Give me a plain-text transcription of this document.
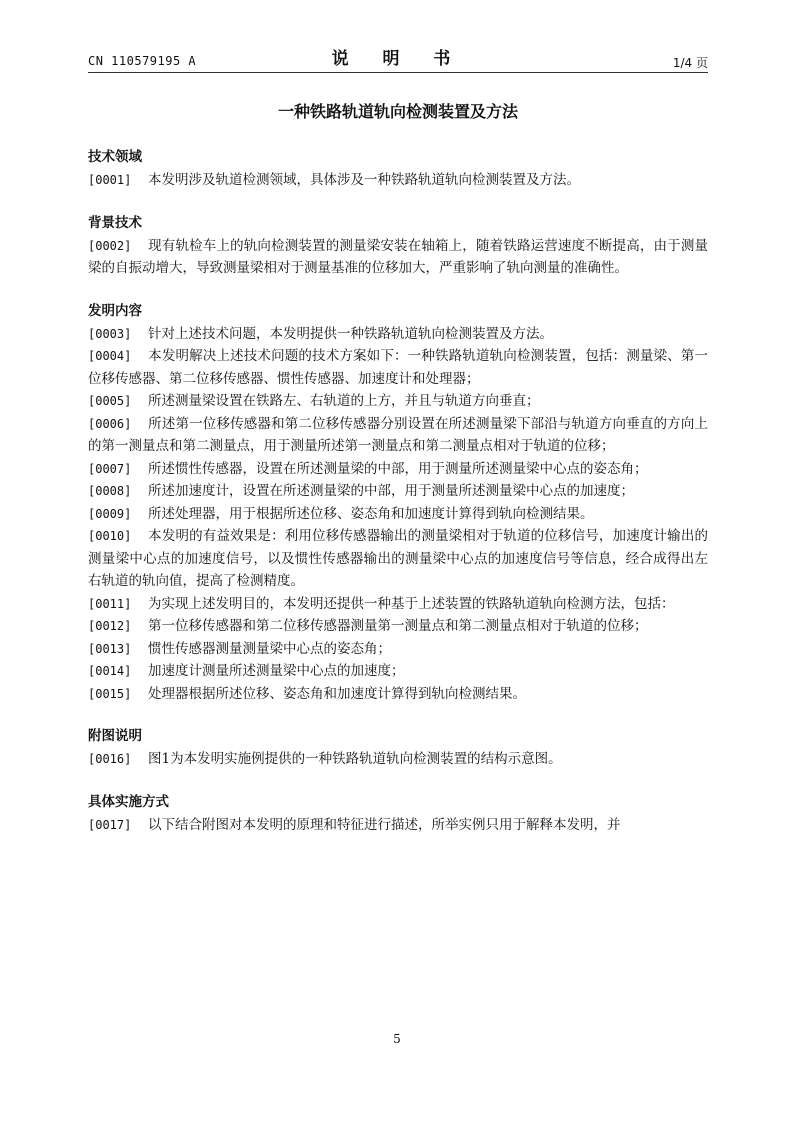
CN 110579195 A	说 明 书	1/4 页
一种铁路轨道轨向检测装置及方法
技术领域

[0001] 本发明涉及轨道检测领域，具体涉及一种铁路轨道轨向检测装置及方法。

背景技术

[0002] 现有轨检车上的轨向检测装置的测量梁安装在轴箱上，随着铁路运营速度不断提高，由于测量梁的自振动增大，导致测量梁相对于测量基准的位移加大，严重影响了轨向测量的准确性。

发明内容

[0003] 针对上述技术问题，本发明提供一种铁路轨道轨向检测装置及方法。

[0004] 本发明解决上述技术问题的技术方案如下：一种铁路轨道轨向检测装置，包括：测量梁、第一位移传感器、第二位移传感器、惯性传感器、加速度计和处理器；

[0005] 所述测量梁设置在铁路左、右轨道的上方，并且与轨道方向垂直；

[0006] 所述第一位移传感器和第二位移传感器分别设置在所述测量梁下部沿与轨道方向垂直的方向上的第一测量点和第二测量点，用于测量所述第一测量点和第二测量点相对于轨道的位移；

[0007] 所述惯性传感器，设置在所述测量梁的中部，用于测量所述测量梁中心点的姿态角；

[0008] 所述加速度计，设置在所述测量梁的中部，用于测量所述测量梁中心点的加速度；

[0009] 所述处理器，用于根据所述位移、姿态角和加速度计算得到轨向检测结果。

[0010] 本发明的有益效果是：利用位移传感器输出的测量梁相对于轨道的位移信号，加速度计输出的测量梁中心点的加速度信号，以及惯性传感器输出的测量梁中心点的加速度信号等信息，经合成得出左右轨道的轨向值，提高了检测精度。

[0011] 为实现上述发明目的，本发明还提供一种基于上述装置的铁路轨道轨向检测方法，包括：

[0012] 第一位移传感器和第二位移传感器测量第一测量点和第二测量点相对于轨道的位移；

[0013] 惯性传感器测量测量梁中心点的姿态角；

[0014] 加速度计测量所述测量梁中心点的加速度；

[0015] 处理器根据所述位移、姿态角和加速度计算得到轨向检测结果。

附图说明

[0016] 图1为本发明实施例提供的一种铁路轨道轨向检测装置的结构示意图。

具体实施方式

[0017] 以下结合附图对本发明的原理和特征进行描述，所举实例只用于解释本发明，并

5
